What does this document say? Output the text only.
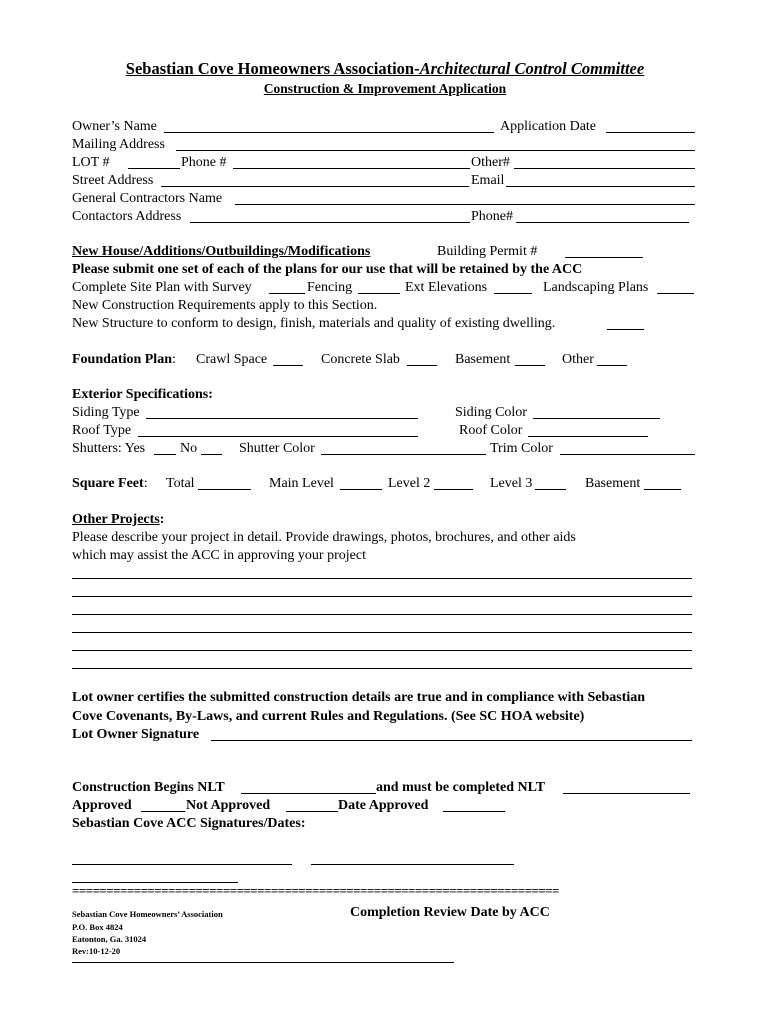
Sebastian Cove Homeowners Association-Architectural Control Committee
Construction & Improvement Application
Owner’s Name	Application Date
Mailing Address
LOT #	Phone #	Other#
Street Address	Email
General Contractors Name
Contactors Address	Phone#
New House/Additions/Outbuildings/Modifications	Building Permit #
Please submit one set of each of the plans for our use that will be retained by the ACC
Complete Site Plan with Survey	Fencing	Ext Elevations	Landscaping Plans
New Construction Requirements apply to this Section.
New Structure to conform to design, finish, materials and quality of existing dwelling.
Foundation Plan: Crawl Space	Concrete Slab	Basement	Other
Exterior Specifications:
Siding Type	Siding Color
Roof Type	Roof Color
Shutters: Yes No	Shutter Color	Trim Color
Square Feet: Total	Main Level	Level 2	Level 3	Basement
Other Projects:
Please describe your project in detail. Provide drawings, photos, brochures, and other aids
which may assist the ACC in approving your project
Lot owner certifies the submitted construction details are true and in compliance with Sebastian
Cove Covenants, By-Laws, and current Rules and Regulations. (See SC HOA website)
Lot Owner Signature
Construction Begins NLT	and must be completed NLT
Approved	Not Approved	Date Approved
Sebastian Cove ACC Signatures/Dates:
=======================================================================
Sebastian Cove Homeowners’ Association
P.O. Box 4824
Eatonton, Ga. 31024
Rev:10-12-20
Completion Review Date by ACC
